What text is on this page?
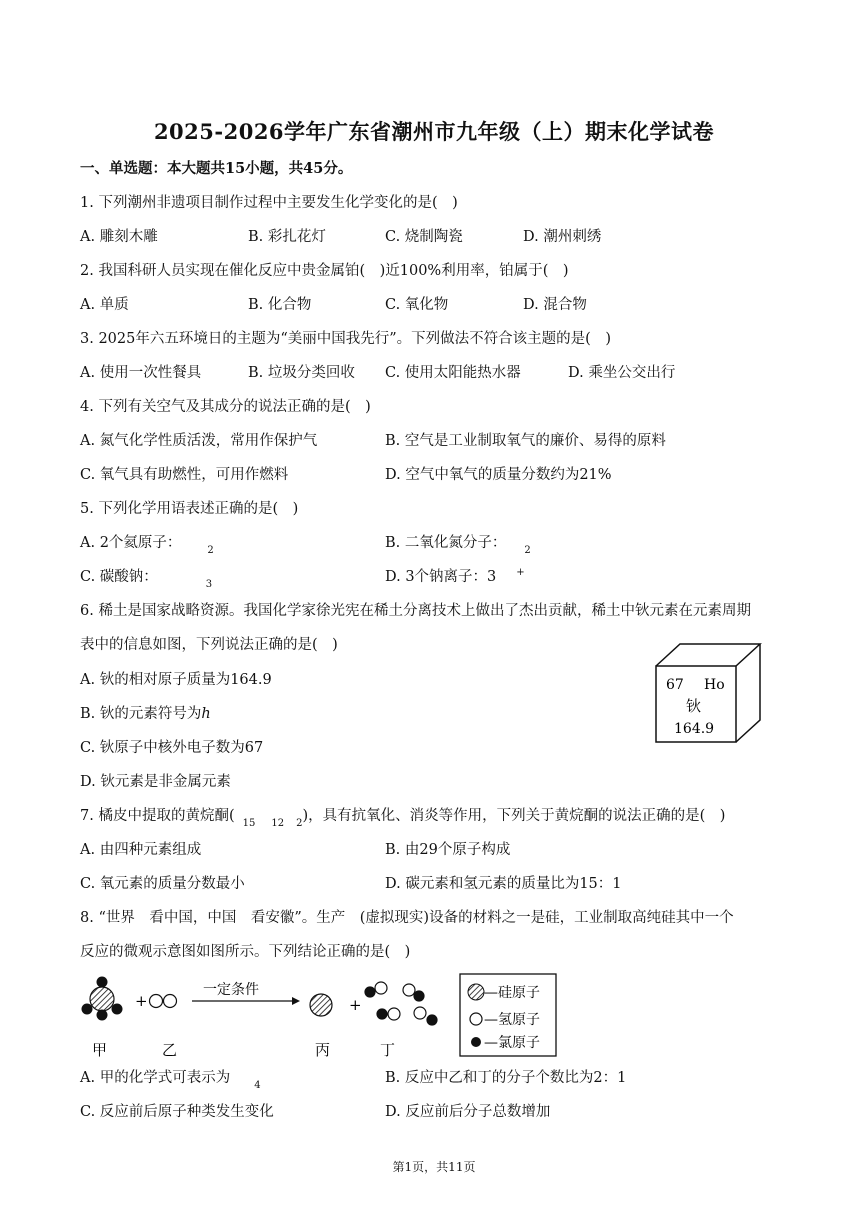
2025-2026学年广东省潮州市九年级（上）期末化学试卷
一、单选题：本大题共15小题，共45分。
1. 下列潮州非遗项目制作过程中主要发生化学变化的是(　)
A. 雕刻木雕	B. 彩扎花灯	C. 烧制陶瓷	D. 潮州刺绣
2. 我国科研人员实现在催化反应中贵金属铂(　)近100%利用率，铂属于(　)
A. 单质	B. 化合物	C. 氧化物	D. 混合物
3. 2025年六五环境日的主题为“美丽中国我先行”。下列做法不符合该主题的是(　)
A. 使用一次性餐具	B. 垃圾分类回收 C. 使用太阳能热水器	D. 乘坐公交出行
4. 下列有关空气及其成分的说法正确的是(　)
A. 氮气化学性质活泼，常用作保护气	B. 空气是工业制取氧气的廉价、易得的原料
C. 氧气具有助燃性，可用作燃料	D. 空气中氧气的质量分数约为21%
5. 下列化学用语表述正确的是(　)
A. 2个氦原子：	$_2$	B. 二氧化氮分子： $_2$
C. 碳酸钠：	$_3$	D. 3个钠离子：3 +
6. 稀土是国家战略资源。我国化学家徐光宪在稀土分离技术上做出了杰出贡献，稀土中钬元素在元素周期
表中的信息如图，下列说法正确的是(　)
A. 钬的相对原子质量为164.9
B. 钬的元素符号为h
C. 钬原子中核外电子数为67
D. 钬元素是非金属元素
67 Ho
钬
164.9
7. 橘皮中提取的黄烷酮( $_{15}$ $_{12}$ $_2$)，具有抗氧化、消炎等作用，下列关于黄烷酮的说法正确的是(　)
A. 由四种元素组成	B. 由29个原子构成
C. 氧元素的质量分数最小	D. 碳元素和氢元素的质量比为15：1
8. “世界　看中国，中国　看安徽”。生产　(虚拟现实)设备的材料之一是硅，工业制取高纯硅其中一个
反应的微观示意图如图所示。下列结论正确的是(　)
+
一定条件
+
甲	乙	丙	丁
—硅原子
—氢原子
—氯原子
A. 甲的化学式可表示为 $_4$	B. 反应中乙和丁的分子个数比为2：1
C. 反应前后原子种类发生变化	D. 反应前后分子总数增加
第1页，共11页
